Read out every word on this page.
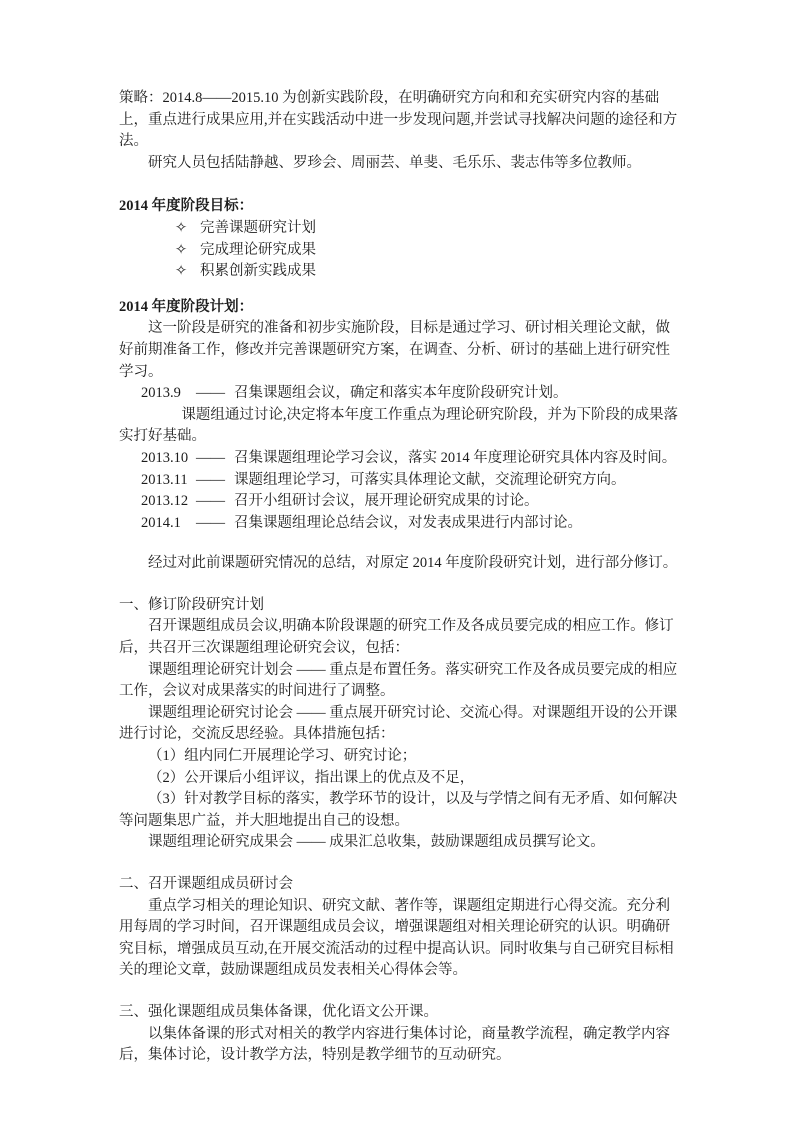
策略：2014.8——2015.10 为创新实践阶段，在明确研究方向和和充实研究内容的基础上，重点进行成果应用,并在实践活动中进一步发现问题,并尝试寻找解决问题的途径和方法。

研究人员包括陆静越、罗珍会、周丽芸、单斐、毛乐乐、裴志伟等多位教师。

2014 年度阶段目标：

✧ 完善课题研究计划

✧ 完成理论研究成果

✧ 积累创新实践成果

2014 年度阶段计划：

这一阶段是研究的准备和初步实施阶段，目标是通过学习、研讨相关理论文献，做好前期准备工作，修改并完善课题研究方案，在调查、分析、研讨的基础上进行研究性学习。

2013.9 —— 召集课题组会议，确定和落实本年度阶段研究计划。

课题组通过讨论,决定将本年度工作重点为理论研究阶段，并为下阶段的成果落实打好基础。

2013.10 —— 召集课题组理论学习会议，落实 2014 年度理论研究具体内容及时间。

2013.11 —— 课题组理论学习，可落实具体理论文献，交流理论研究方向。

2013.12 —— 召开小组研讨会议，展开理论研究成果的讨论。

2014.1 —— 召集课题组理论总结会议，对发表成果进行内部讨论。

经过对此前课题研究情况的总结，对原定 2014 年度阶段研究计划，进行部分修订。

一、修订阶段研究计划

召开课题组成员会议,明确本阶段课题的研究工作及各成员要完成的相应工作。修订后，共召开三次课题组理论研究会议，包括：

课题组理论研究计划会 —— 重点是布置任务。落实研究工作及各成员要完成的相应工作，会议对成果落实的时间进行了调整。

课题组理论研究讨论会 —— 重点展开研究讨论、交流心得。对课题组开设的公开课进行讨论，交流反思经验。具体措施包括：

（1）组内同仁开展理论学习、研究讨论；

（2）公开课后小组评议，指出课上的优点及不足，

（3）针对教学目标的落实，教学环节的设计，以及与学情之间有无矛盾、如何解决等问题集思广益，并大胆地提出自己的设想。

课题组理论研究成果会 —— 成果汇总收集，鼓励课题组成员撰写论文。

二、召开课题组成员研讨会

重点学习相关的理论知识、研究文献、著作等，课题组定期进行心得交流。充分利用每周的学习时间，召开课题组成员会议，增强课题组对相关理论研究的认识。明确研究目标，增强成员互动,在开展交流活动的过程中提高认识。同时收集与自己研究目标相关的理论文章，鼓励课题组成员发表相关心得体会等。

三、强化课题组成员集体备课，优化语文公开课。

以集体备课的形式对相关的教学内容进行集体讨论，商量教学流程，确定教学内容后，集体讨论，设计教学方法，特别是教学细节的互动研究。
